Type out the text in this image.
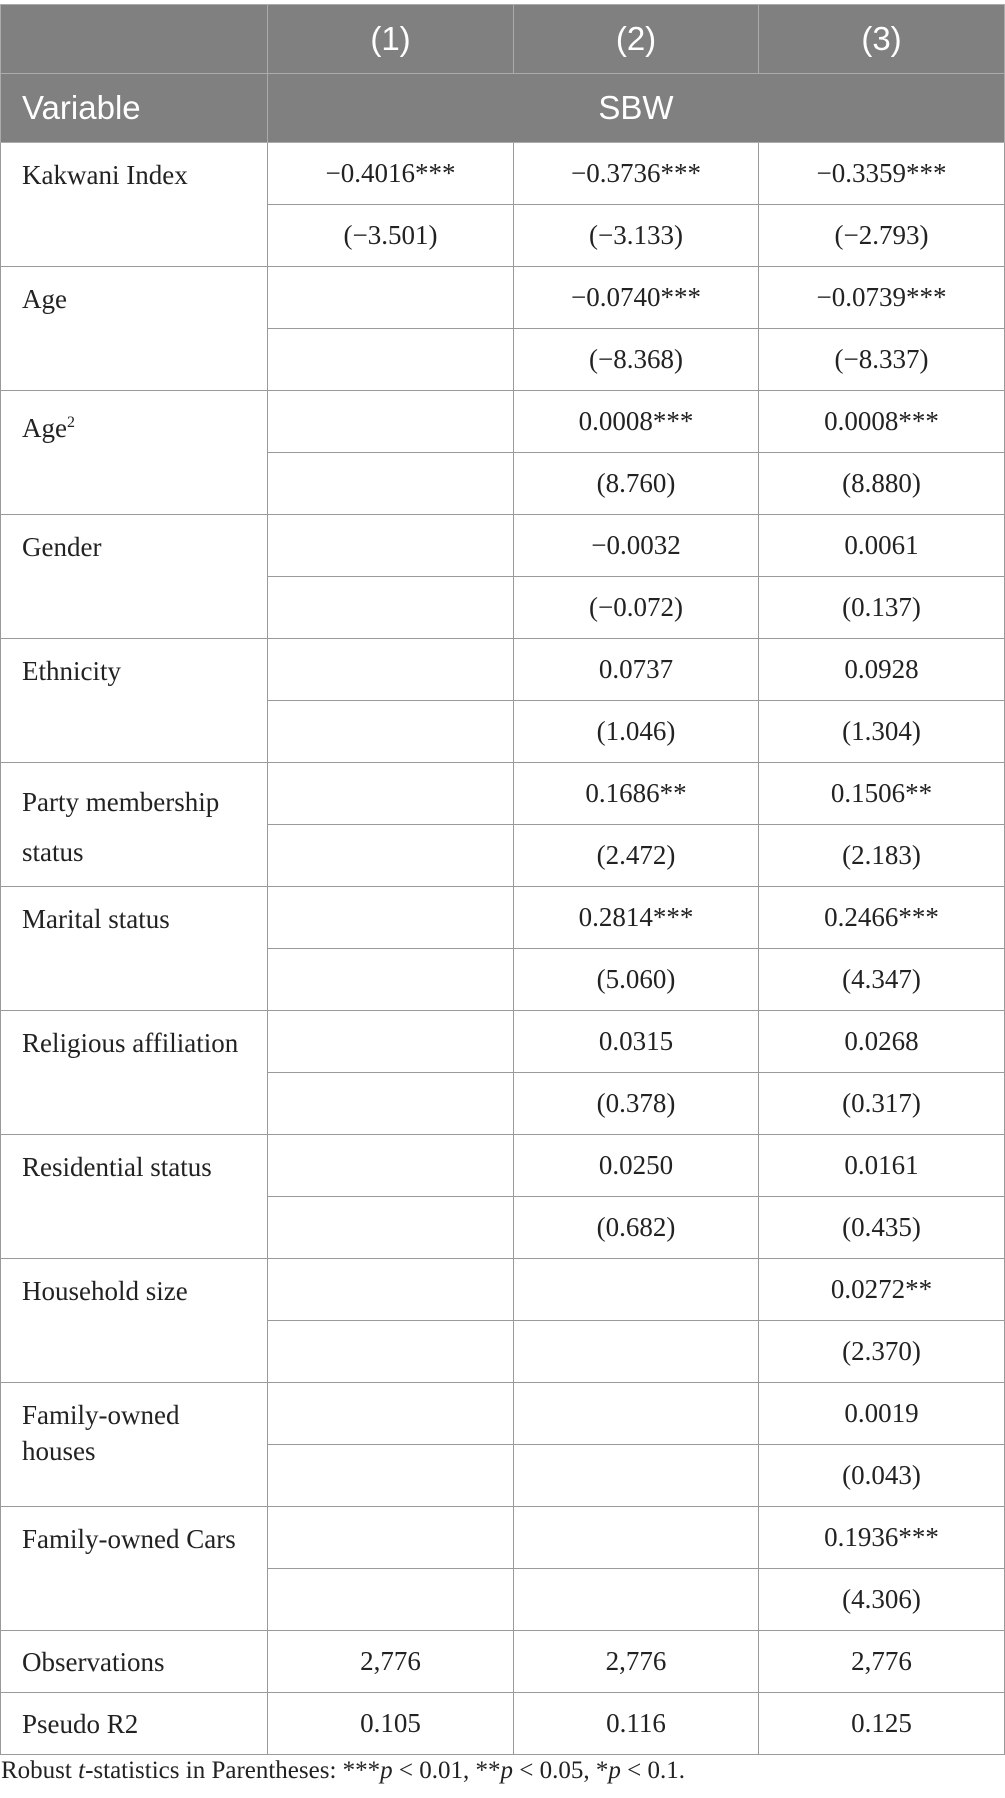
	(1)	(2)	(3)
Variable	SBW		
Kakwani Index	−0.4016***	−0.3736***	−0.3359***
	(−3.501)	(−3.133)	(−2.793)
Age		−0.0740***	−0.0739***
		(−8.368)	(−8.337)
Age$^2$		0.0008***	0.0008***
		(8.760)	(8.880)
Gender		−0.0032	0.0061
		(−0.072)	(0.137)
Ethnicity		0.0737	0.0928
		(1.046)	(1.304)
Party membership status		0.1686**	0.1506**
		(2.472)	(2.183)
Marital status		0.2814***	0.2466***
		(5.060)	(4.347)
Religious affiliation		0.0315	0.0268
		(0.378)	(0.317)
Residential status		0.0250	0.0161
		(0.682)	(0.435)
Household size			0.0272**
			(2.370)
Family-owned houses			0.0019
			(0.043)
Family-owned Cars			0.1936***
			(4.306)
Observations	2,776	2,776	2,776
Pseudo R2	0.105	0.116	0.125
Robust t-statistics in Parentheses: ***p < 0.01, **p < 0.05, *p < 0.1.
